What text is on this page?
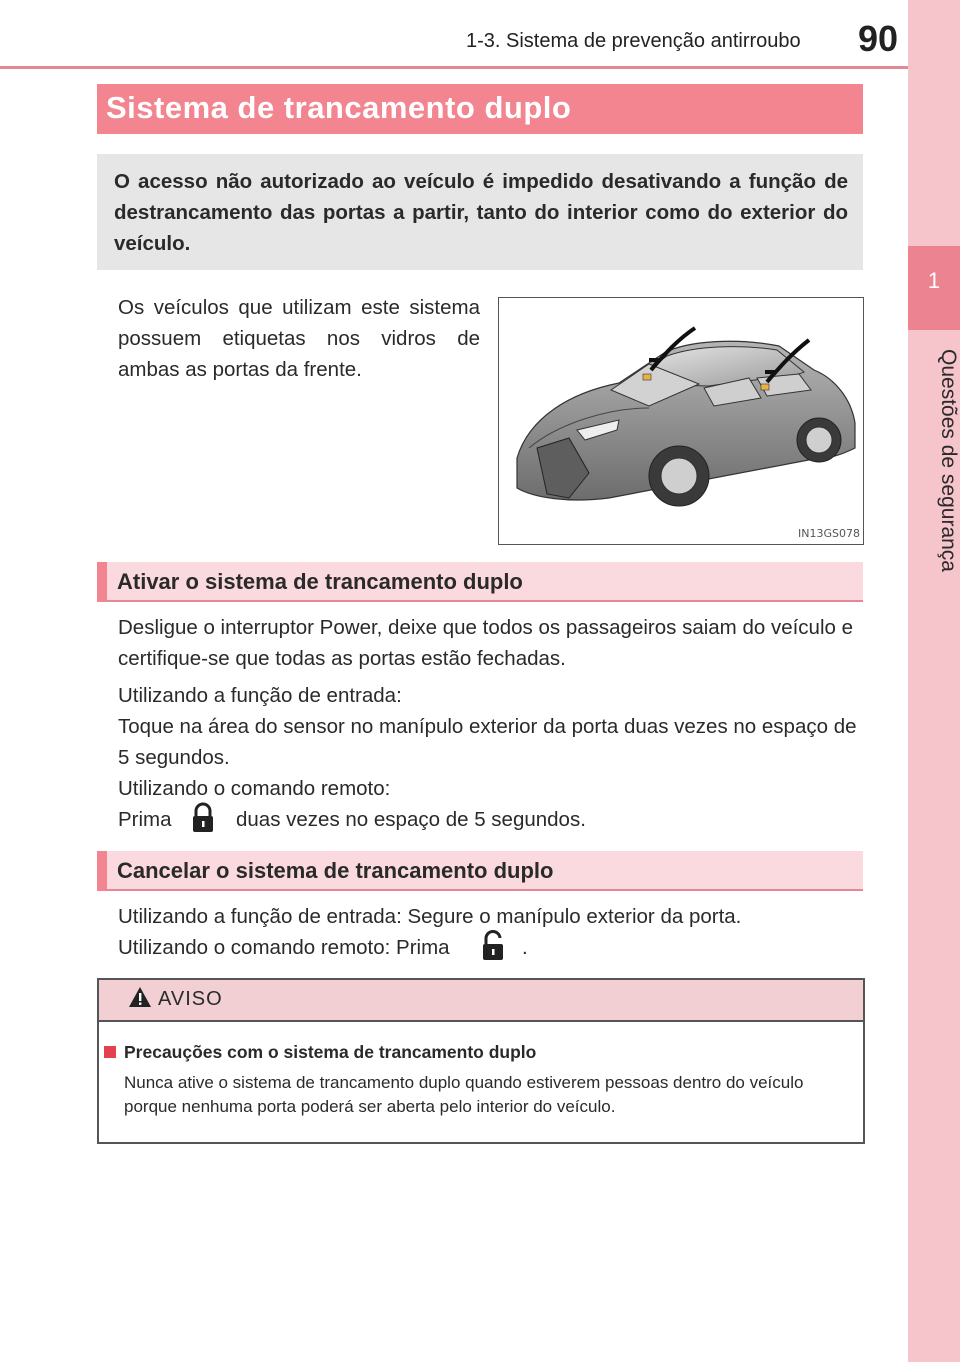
1
Questões de segurança
1-3. Sistema de prevenção antirroubo 90
Sistema de trancamento duplo
O acesso não autorizado ao veículo é impedido desativando a função de destrancamento das portas a partir, tanto do interior como do exterior do veículo.
Os veículos que utilizam este sistema possuem etiquetas nos vidros de ambas as portas da frente.
IN13GS078
Ativar o sistema de trancamento duplo
Desligue o interruptor Power, deixe que todos os passageiros saiam do veículo e certifique-se que todas as portas estão fechadas.
Utilizando a função de entrada:
Toque na área do sensor no manípulo exterior da porta duas vezes no espaço de 5 segundos.
Utilizando o comando remoto:
Prima	duas vezes no espaço de 5 segundos.
Cancelar o sistema de trancamento duplo
Utilizando a função de entrada: Segure o manípulo exterior da porta.
Utilizando o comando remoto: Prima	.
AVISO
Precauções com o sistema de trancamento duplo
Nunca ative o sistema de trancamento duplo quando estiverem pessoas dentro do veículo porque nenhuma porta poderá ser aberta pelo interior do veículo.
